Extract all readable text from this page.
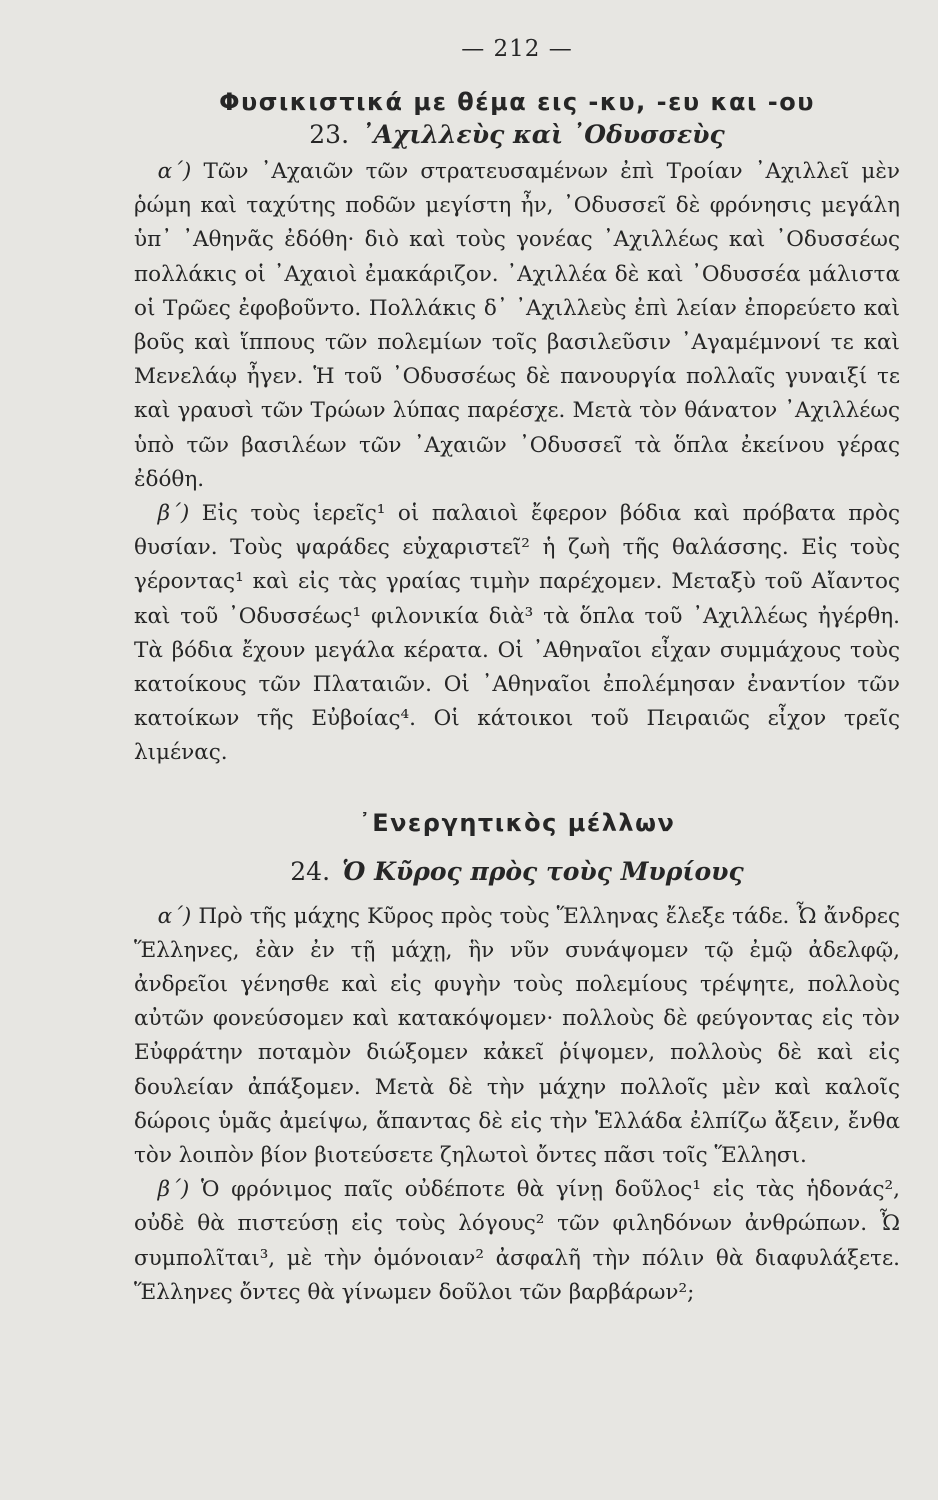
— 212 —
Φυσικιστικά με θέμα εις -κυ, -ευ και -ου
23. ᾿Αχιλλεὺς καὶ ᾿Οδυσσεὺς

α΄) Τῶν ᾿Αχαιῶν τῶν στρατευσαμένων ἐπὶ Τροίαν ᾿Αχιλλεῖ μὲν ῥώμη καὶ ταχύτης ποδῶν μεγίστη ἦν, ᾿Οδυσσεῖ δὲ φρόνησις μεγάλη ὑπ᾿ ᾿Αθηνᾶς ἐδόθη· διὸ καὶ τοὺς γονέας ᾿Αχιλλέως καὶ ᾿Οδυσσέως πολλάκις οἱ ᾿Αχαιοὶ ἐμακάριζον. ᾿Αχιλλέα δὲ καὶ ᾿Οδυσσέα μάλιστα οἱ Τρῶες ἐφοβοῦντο. Πολλάκις δ᾿ ᾿Αχιλλεὺς ἐπὶ λείαν ἐπορεύετο καὶ βοῦς καὶ ἵππους τῶν πολεμίων τοῖς βασιλεῦσιν ᾿Αγαμέμνονί τε καὶ Μενελάῳ ἦγεν. Ἡ τοῦ ᾿Οδυσσέως δὲ πανουργία πολλαῖς γυναιξί τε καὶ γραυσὶ τῶν Τρώων λύπας παρέσχε. Μετὰ τὸν θάνατον ᾿Αχιλλέως ὑπὸ τῶν βασιλέων τῶν ᾿Αχαιῶν ᾿Οδυσσεῖ τὰ ὅπλα ἐκείνου γέρας ἐδόθη.

β΄) Εἰς τοὺς ἱερεῖς¹ οἱ παλαιοὶ ἔφερον βόδια καὶ πρόβατα πρὸς θυσίαν. Τοὺς ψαράδες εὐχαριστεῖ² ἡ ζωὴ τῆς θαλάσσης. Εἰς τοὺς γέροντας¹ καὶ εἰς τὰς γραίας τιμὴν παρέχομεν. Μεταξὺ τοῦ Αἴαντος καὶ τοῦ ᾿Οδυσσέως¹ φιλονικία διὰ³ τὰ ὅπλα τοῦ ᾿Αχιλλέως ἠγέρθη. Τὰ βόδια ἔχουν μεγάλα κέρατα. Οἱ ᾿Αθηναῖοι εἶχαν συμμάχους τοὺς κατοίκους τῶν Πλαταιῶν. Οἱ ᾿Αθηναῖοι ἐπολέμησαν ἐναντίον τῶν κατοίκων τῆς Εὐβοίας⁴. Οἱ κάτοικοι τοῦ Πειραιῶς εἶχον τρεῖς λιμένας.

᾿Ενεργητικὸς μέλλων
24. Ὁ Κῦρος πρὸς τοὺς Μυρίους

α΄) Πρὸ τῆς μάχης Κῦρος πρὸς τοὺς Ἕλληνας ἔλεξε τάδε. Ὦ ἄνδρες Ἕλληνες, ἐὰν ἐν τῇ μάχῃ, ἣν νῦν συνάψομεν τῷ ἐμῷ ἀδελφῷ, ἀνδρεῖοι γένησθε καὶ εἰς φυγὴν τοὺς πολεμίους τρέψητε, πολλοὺς αὐτῶν φονεύσομεν καὶ κατακόψομεν· πολλοὺς δὲ φεύγοντας εἰς τὸν Εὐφράτην ποταμὸν διώξομεν κἀκεῖ ῥίψομεν, πολλοὺς δὲ καὶ εἰς δουλείαν ἀπάξομεν. Μετὰ δὲ τὴν μάχην πολλοῖς μὲν καὶ καλοῖς δώροις ὑμᾶς ἀμείψω, ἅπαντας δὲ εἰς τὴν Ἑλλάδα ἐλπίζω ἄξειν, ἔνθα τὸν λοιπὸν βίον βιοτεύσετε ζηλωτοὶ ὄντες πᾶσι τοῖς Ἕλλησι.

β΄) Ὁ φρόνιμος παῖς οὐδέποτε θὰ γίνῃ δοῦλος¹ εἰς τὰς ἡδονάς², οὐδὲ θὰ πιστεύσῃ εἰς τοὺς λόγους² τῶν φιληδόνων ἀνθρώπων. Ὦ συμπολῖται³, μὲ τὴν ὁμόνοιαν² ἀσφαλῆ τὴν πόλιν θὰ διαφυλάξετε. Ἕλληνες ὄντες θὰ γίνωμεν δοῦλοι τῶν βαρβάρων²;
